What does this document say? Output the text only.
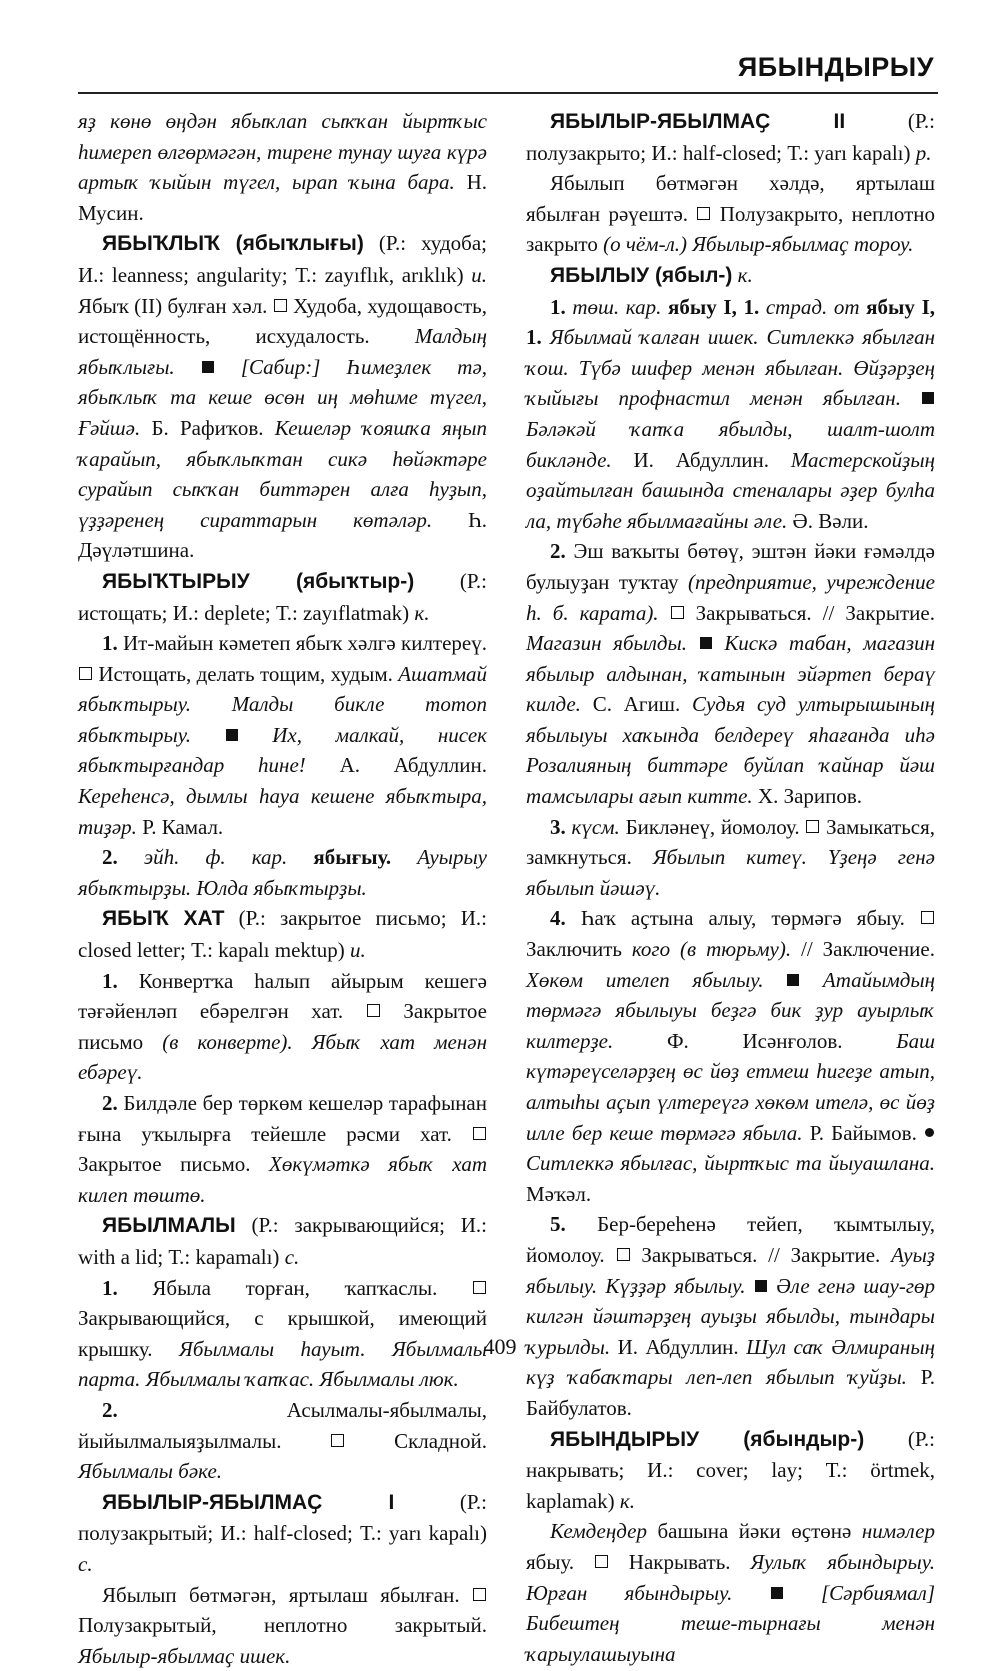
ЯБЫНДЫРЫУ

яҙ көнө өңдән ябыҡлап сыҡҡан йыртҡыс һимереп өлгөрмәгән, тирене тунау шуға күрә артыҡ ҡыйын түгел, ырап ҡына бара. Н. Мусин.

ЯБЫҠЛЫҠ (ябыҡлығы) (Р.: худоба; И.: leanness; angularity; Т.: zayıflık, arıklık) и. Ябыҡ (II) булған хәл.  Худоба, худощавость, истощённость, исхудалость. Малдың ябыҡлығы.	[Сабир:] Һимеҙлек тә, ябыҡлыҡ та кеше өсөн иң мөһиме түгел, Ғәйшә. Б. Рафиҡов. Кешеләр ҡояшҡа яңып ҡарайып, ябыҡлыҡтан сикә һөйәктәре сурайып сыҡҡан биттәрен алға һуҙып, үҙҙәренең сираттарын көтәләр. Һ. Дәүләтшина.

ЯБЫҠТЫРЫУ (ябыҡтыр-) (Р.: истощать; И.: deplete; Т.: zayıflatmak) к.

1. Ит-майын кәметеп ябыҡ хәлгә килтереү.  Истощать, делать тощим, худым. Ашатмай ябыҡтырыу. Малды бикле тотоп ябыҡтырыу.	Их, малкай, нисек ябыҡтырғандар һине! А. Абдуллин. Кереһенсә, дымлы һауа кешене ябыҡтыра, тиҙәр. Р. Камал.

2. эйһ. ф. кар. ябығыу. Ауырыу ябыҡтырҙы. Юлда ябыҡтырҙы.

ЯБЫҠ ХАТ (Р.: закрытое письмо; И.: closed letter; Т.: kapalı mektup) и.

1. Конвертҡа һалып айырым кешегә тәғәйенләп ебәрелгән хат.  Закрытое письмо (в конверте). Ябыҡ хат менән ебәреү.

2. Билдәле бер төркөм кешеләр тарафынан ғына уҡылырға тейешле рәсми хат.  Закрытое письмо. Хөкүмәткә ябыҡ хат килеп төштө.

ЯБЫЛМАЛЫ (Р.: закрывающийся; И.: with a lid; Т.: kapamalı) с.

1. Ябыла торған, ҡапҡаслы.  Закрывающийся, с крышкой, имеющий крышку. Ябылмалы һауыт. Ябылмалы парта. Ябылмалы ҡапҡас. Ябылмалы люк.

2. Асылмалы-ябылмалы, йыйылмалыяҙылмалы.  Складной. Ябылмалы бәке.

ЯБЫЛЫР-ЯБЫЛМАҪ I (Р.: полузакрытый; И.: half-closed; Т.: yarı kapalı) с.

Ябылып бөтмәгән, яртылаш ябылған.  Полузакрытый, неплотно закрытый. Ябылыр-ябылмаҫ ишек.

ЯБЫЛЫР-ЯБЫЛМАҪ II (Р.: полузакрыто; И.: half-closed; Т.: yarı kapalı) р.

Ябылып бөтмәгән хәлдә, яртылаш ябылған рәүештә.  Полузакрыто, неплотно закрыто (о чём-л.) Ябылыр-ябылмаҫ тороу.

ЯБЫЛЫУ (ябыл-) к.

1. төш. кар. ябыу I, 1. страд. от ябыу I, 1. Ябылмай ҡалған ишек. Ситлеккә ябылған ҡош. Түбә шифер менән ябылған. Өйҙәрҙең ҡыйығы профнастил менән ябылған.  Бәләкәй ҡапҡа ябылды, шалт-шолт бикләнде. И. Абдуллин. Мастерскойҙың оҙайтылған башында стеналары әҙер булһа ла, түбәһе ябылмағайны әле. Ә. Вәли.

2. Эш ваҡыты бөтөү, эштән йәки ғәмәлдә булыуҙан туҡтау (предприятие, учреждение һ. б. карата).  Закрываться. // Закрытие. Магазин ябылды. Кискә табан, магазин ябылыр алдынан, ҡатынын эйәртеп бераү килде. С. Агиш. Судья суд ултырышының ябылыуы хаҡында белдереү яһағанда иһә Розалияның биттәре буйлап ҡайнар йәш тамсылары ағып китте. Х. Зарипов.

3. күсм. Бикләнеү, йомолоу.  Замыкаться, замкнуться. Ябылып китеү. Үҙеңә генә ябылып йәшәү.

4. Һаҡ аҫтына алыу, төрмәгә ябыу.  Заключить кого (в тюрьму). // Заключение. Хөкөм ителеп ябылыу.	Атайымдың төрмәгә ябылыуы беҙгә бик ҙур ауырлыҡ килтерҙе. Ф. Исәнғолов. Баш күтәреүселәрҙең өс йөҙ етмеш һигеҙе атып, алтыһы аҫып үлтереүгә хөкөм ителә, өс йөҙ илле бер кеше төрмәгә ябыла. Р. Байымов.  Ситлеккә ябылғас, йыртҡыс та йыуашлана. Мәҡәл.

5. Бер-береһенә тейеп, ҡымтылыу, йомолоу.  Закрываться. // Закрытие. Ауыҙ ябылыу. Күҙҙәр ябылыу. Әле генә шау-гөр килгән йәштәрҙең ауыҙы ябылды, тындары ҡурылды. И. Абдуллин. Шул саҡ Әлмираның күҙ ҡабаҡтары леп-леп ябылып ҡуйҙы. Р. Байбулатов.

ЯБЫНДЫРЫУ (ябындыр-) (Р.: накрывать; И.: cover; lay; Т.: örtmek, kaplamak) к.

Кемдеңдер башына йәки өҫтөнә нимәлер ябыу.  Накрывать. Яулыҡ ябындырыу. Юрған ябындырыу.	[Сәрбиямал] Бибештең теше-тырнағы менән ҡарыулашыуына

409
